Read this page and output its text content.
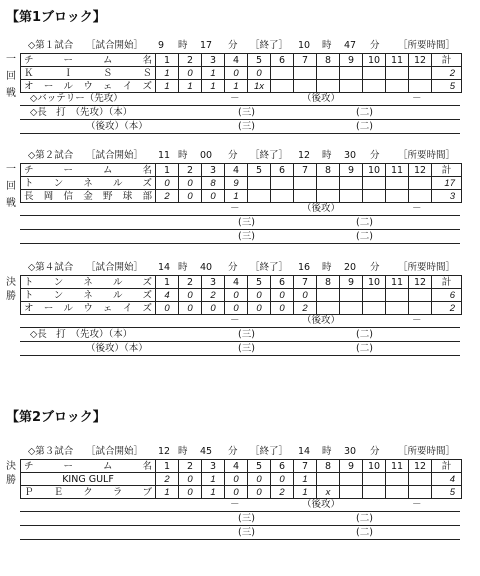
【第1ブロック】
【第2ブロック】
一
回
戦
◇第１試合 ［試合開始］ 9 時 17 分 ［終了］ 10 時 47 分 ［所要時間］
チーム名	1	2	3	4	5	6	7	8	9	10	11	12	計
ＫＩＳＳ	1	0	1	0	0								2
オールウェイズ	1	1	1	1	1x								5
◇バッテリー（先攻）	－	（後攻）	－
◇長　打　（先攻）（本）	(三)	(二)
（後攻）（本）	(三)	(二)
一
回
戦
◇第２試合 ［試合開始］ 11 時 00 分 ［終了］ 12 時 30 分 ［所要時間］
チーム名	1	2	3	4	5	6	7	8	9	10	11	12	計
トンネルズ	0	0	8	9									17
長岡信金野球部	2	0	0	1									3
－	（後攻）	－
(三)	(二)
(三)	(二)
決
勝
◇第４試合 ［試合開始］ 14 時 40 分 ［終了］ 16 時 20 分 ［所要時間］
トンネルズ	1	2	3	4	5	6	7	8	9	10	11	12	計
トンネルズ	4	0	2	0	0	0	0						6
オールウェイズ	0	0	0	0	0	0	2						2
－	（後攻）	－
◇長　打　（先攻）（本）	(三)	(二)
（後攻）（本）	(三)	(二)
決
勝
◇第３試合 ［試合開始］ 12 時 45 分 ［終了］ 14 時 30 分 ［所要時間］
チーム名	1	2	3	4	5	6	7	8	9	10	11	12	計
KING GULF	2	0	1	0	0	0	1						4
ＰＥクラブ	1	0	1	0	0	2	1	x					5
－	（後攻）	－
(三)	(二)
(三)	(二)
